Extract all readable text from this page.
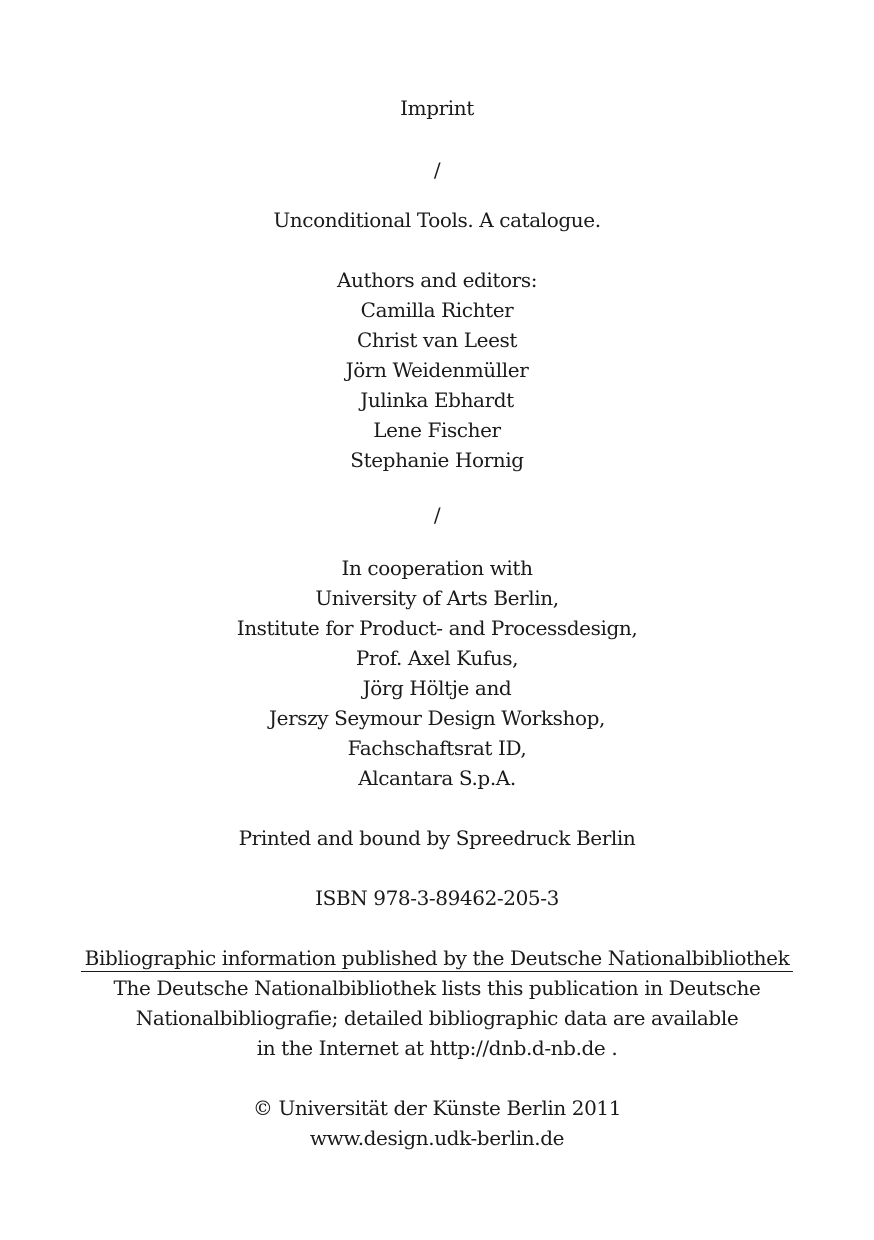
Imprint
/
Unconditional Tools. A catalogue.
Authors and editors:
Camilla Richter
Christ van Leest
Jörn Weidenmüller
Julinka Ebhardt
Lene Fischer
Stephanie Hornig
/
In cooperation with
University of Arts Berlin,
Institute for Product- and Processdesign,
Prof. Axel Kufus,
Jörg Höltje and
Jerszy Seymour Design Workshop,
Fachschaftsrat ID,
Alcantara S.p.A.
Printed and bound by Spreedruck Berlin
ISBN 978-3-89462-205-3
Bibliographic information published by the Deutsche Nationalbibliothek
The Deutsche Nationalbibliothek lists this publication in Deutsche
Nationalbibliografie; detailed bibliographic data are available
in the Internet at http://dnb.d-nb.de .
© Universität der Künste Berlin 2011
www.design.udk-berlin.de
